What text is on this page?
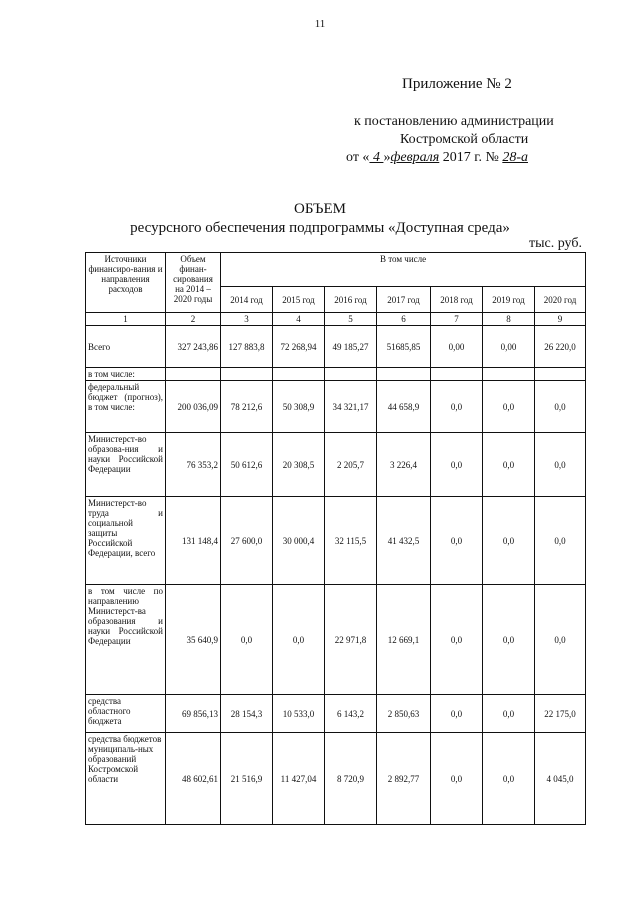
11
Приложение № 2
к постановлению администрации
Костромской области
от « 4 »февраля 2017 г. № 28-а
ОБЪЕМ
ресурсного обеспечения подпрограммы «Доступная среда»
тыс. руб.
Источники финансиро-вания и направления расходов	Объем финан-сирования на 2014 – 2020 годы	В том числе						
		2014 год	2015 год	2016 год	2017 год	2018 год	2019 год	2020 год
1	2	3	4	5	6	7	8	9
Всего	327 243,86	127 883,8	72 268,94	49 185,27	51685,85	0,00	0,00	26 220,0
в том числе:								
федеральный бюджет (прогноз), в том числе:	200 036,09	78 212,6	50 308,9	34 321,17	44 658,9	0,0	0,0	0,0
Министерст-во образова-ния и науки Российской Федерации	76 353,2	50 612,6	20 308,5	2 205,7	3 226,4	0,0	0,0	0,0
Министерст-во труда и социальной защиты Российской Федерации, всего	131 148,4	27 600,0	30 000,4	32 115,5	41 432,5	0,0	0,0	0,0
в том числе по направлению Министерст-ва образования и науки Российской Федерации	35 640,9	0,0	0,0	22 971,8	12 669,1	0,0	0,0	0,0
средства областного бюджета	69 856,13	28 154,3	10 533,0	6 143,2	2 850,63	0,0	0,0	22 175,0
средства бюджетов муниципаль-ных образований Костромской области	48 602,61	21 516,9	11 427,04	8 720,9	2 892,77	0,0	0,0	4 045,0
